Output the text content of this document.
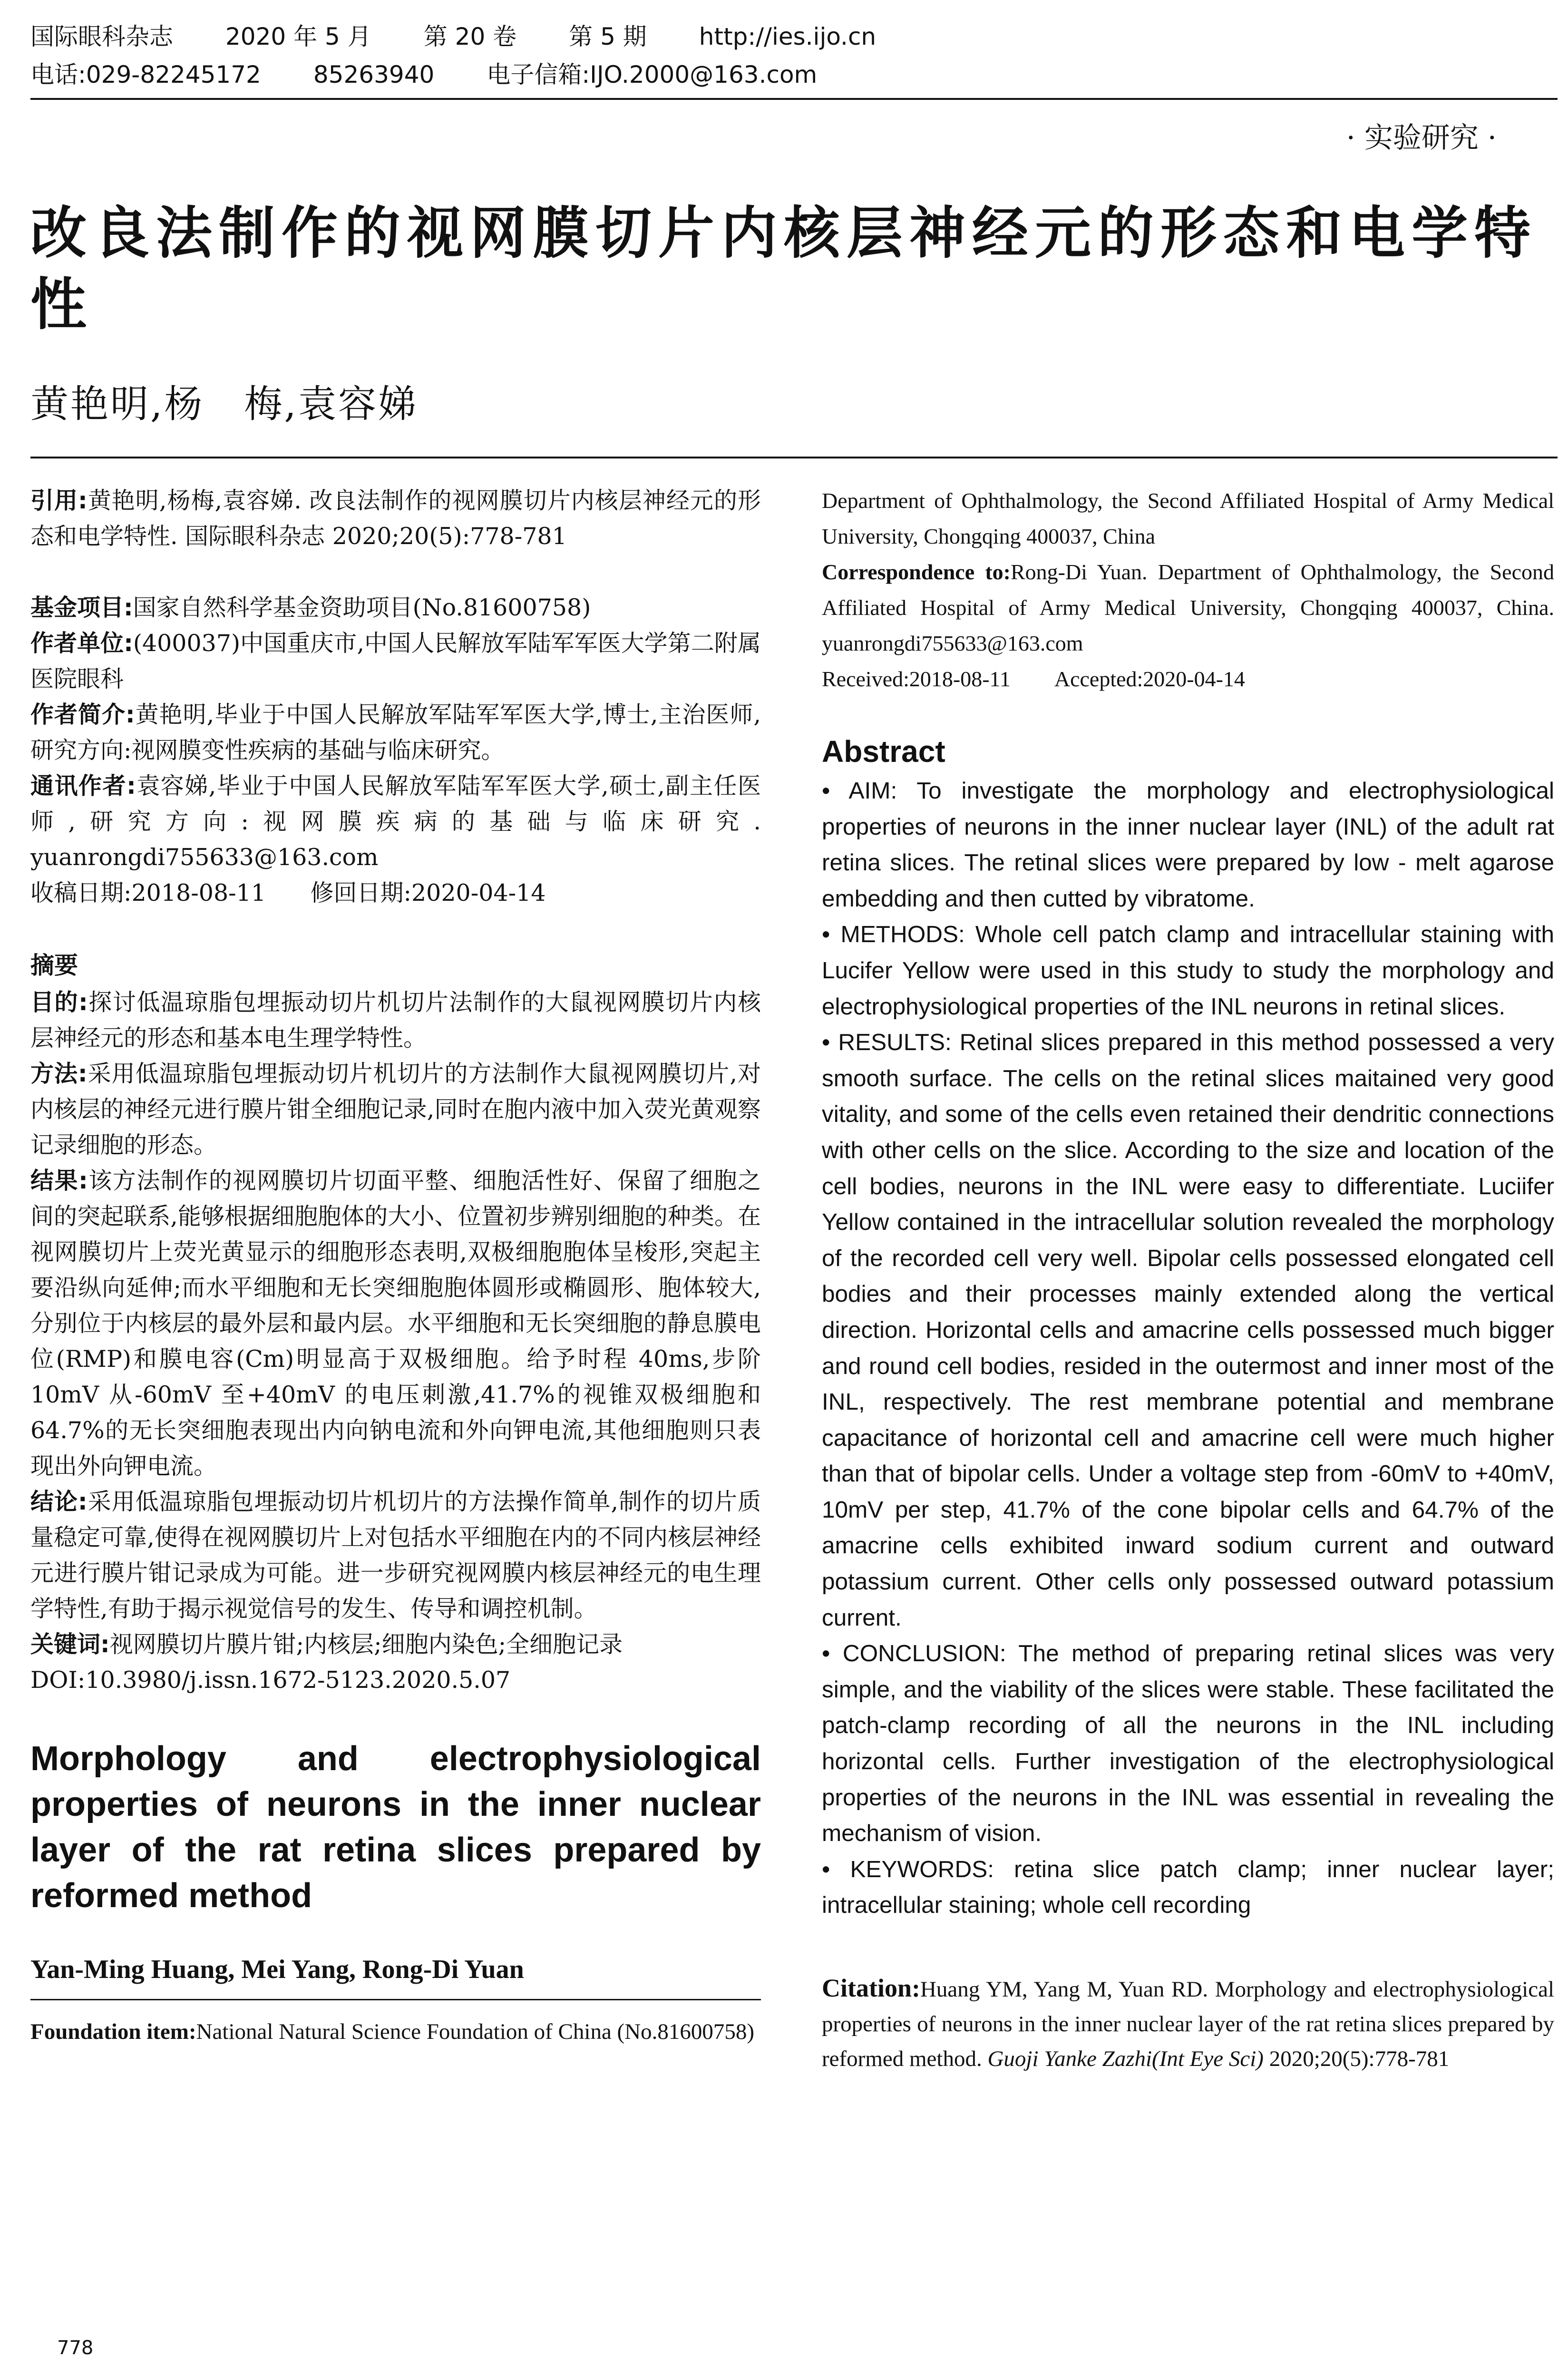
国际眼科杂志 2020 年 5 月 第 20 卷 第 5 期 http://ies.ijo.cn
电话:029-82245172 85263940 电子信箱:IJO.2000@163.com
· 实验研究 ·
改良法制作的视网膜切片内核层神经元的形态和电学特性
黄艳明,杨　梅,袁容娣

引用:黄艳明,杨梅,袁容娣. 改良法制作的视网膜切片内核层神经元的形态和电学特性. 国际眼科杂志 2020;20(5):778-781

基金项目:国家自然科学基金资助项目(No.81600758)

作者单位:(400037)中国重庆市,中国人民解放军陆军军医大学第二附属医院眼科

作者简介:黄艳明,毕业于中国人民解放军陆军军医大学,博士,主治医师,研究方向:视网膜变性疾病的基础与临床研究。

通讯作者:袁容娣,毕业于中国人民解放军陆军军医大学,硕士,副主任医师,研究方向:视网膜疾病的基础与临床研究. yuanrongdi755633@163.com

收稿日期:2018-08-11 修回日期:2020-04-14

摘要

目的:探讨低温琼脂包埋振动切片机切片法制作的大鼠视网膜切片内核层神经元的形态和基本电生理学特性。

方法:采用低温琼脂包埋振动切片机切片的方法制作大鼠视网膜切片,对内核层的神经元进行膜片钳全细胞记录,同时在胞内液中加入荧光黄观察记录细胞的形态。

结果:该方法制作的视网膜切片切面平整、细胞活性好、保留了细胞之间的突起联系,能够根据细胞胞体的大小、位置初步辨别细胞的种类。在视网膜切片上荧光黄显示的细胞形态表明,双极细胞胞体呈梭形,突起主要沿纵向延伸;而水平细胞和无长突细胞胞体圆形或椭圆形、胞体较大,分别位于内核层的最外层和最内层。水平细胞和无长突细胞的静息膜电位(RMP)和膜电容(Cm)明显高于双极细胞。给予时程 40ms,步阶 10mV 从-60mV 至+40mV 的电压刺激,41.7%的视锥双极细胞和 64.7%的无长突细胞表现出内向钠电流和外向钾电流,其他细胞则只表现出外向钾电流。

结论:采用低温琼脂包埋振动切片机切片的方法操作简单,制作的切片质量稳定可靠,使得在视网膜切片上对包括水平细胞在内的不同内核层神经元进行膜片钳记录成为可能。进一步研究视网膜内核层神经元的电生理学特性,有助于揭示视觉信号的发生、传导和调控机制。

关键词:视网膜切片膜片钳;内核层;细胞内染色;全细胞记录

DOI:10.3980/j.issn.1672-5123.2020.5.07

Morphology and electrophysiological properties of neurons in the inner nuclear layer of the rat retina slices prepared by reformed method

Yan-Ming Huang, Mei Yang, Rong-Di Yuan

Foundation item:National Natural Science Foundation of China (No.81600758)

Department of Ophthalmology, the Second Affiliated Hospital of Army Medical University, Chongqing 400037, China

Correspondence to:Rong-Di Yuan. Department of Ophthalmology, the Second Affiliated Hospital of Army Medical University, Chongqing 400037, China. yuanrongdi755633@163.com

Received:2018-08-11 Accepted:2020-04-14

Abstract

• AIM: To investigate the morphology and electrophysiological properties of neurons in the inner nuclear layer (INL) of the adult rat retina slices. The retinal slices were prepared by low - melt agarose embedding and then cutted by vibratome.

• METHODS: Whole cell patch clamp and intracellular staining with Lucifer Yellow were used in this study to study the morphology and electrophysiological properties of the INL neurons in retinal slices.

• RESULTS: Retinal slices prepared in this method possessed a very smooth surface. The cells on the retinal slices maitained very good vitality, and some of the cells even retained their dendritic connections with other cells on the slice. According to the size and location of the cell bodies, neurons in the INL were easy to differentiate. Luciifer Yellow contained in the intracellular solution revealed the morphology of the recorded cell very well. Bipolar cells possessed elongated cell bodies and their processes mainly extended along the vertical direction. Horizontal cells and amacrine cells possessed much bigger and round cell bodies, resided in the outermost and inner most of the INL, respectively. The rest membrane potential and membrane capacitance of horizontal cell and amacrine cell were much higher than that of bipolar cells. Under a voltage step from -60mV to +40mV, 10mV per step, 41.7% of the cone bipolar cells and 64.7% of the amacrine cells exhibited inward sodium current and outward potassium current. Other cells only possessed outward potassium current.

• CONCLUSION: The method of preparing retinal slices was very simple, and the viability of the slices were stable. These facilitated the patch-clamp recording of all the neurons in the INL including horizontal cells. Further investigation of the electrophysiological properties of the neurons in the INL was essential in revealing the mechanism of vision.

• KEYWORDS: retina slice patch clamp; inner nuclear layer; intracellular staining; whole cell recording

Citation:Huang YM, Yang M, Yuan RD. Morphology and electrophysiological properties of neurons in the inner nuclear layer of the rat retina slices prepared by reformed method. Guoji Yanke Zazhi(Int Eye Sci) 2020;20(5):778-781

778
